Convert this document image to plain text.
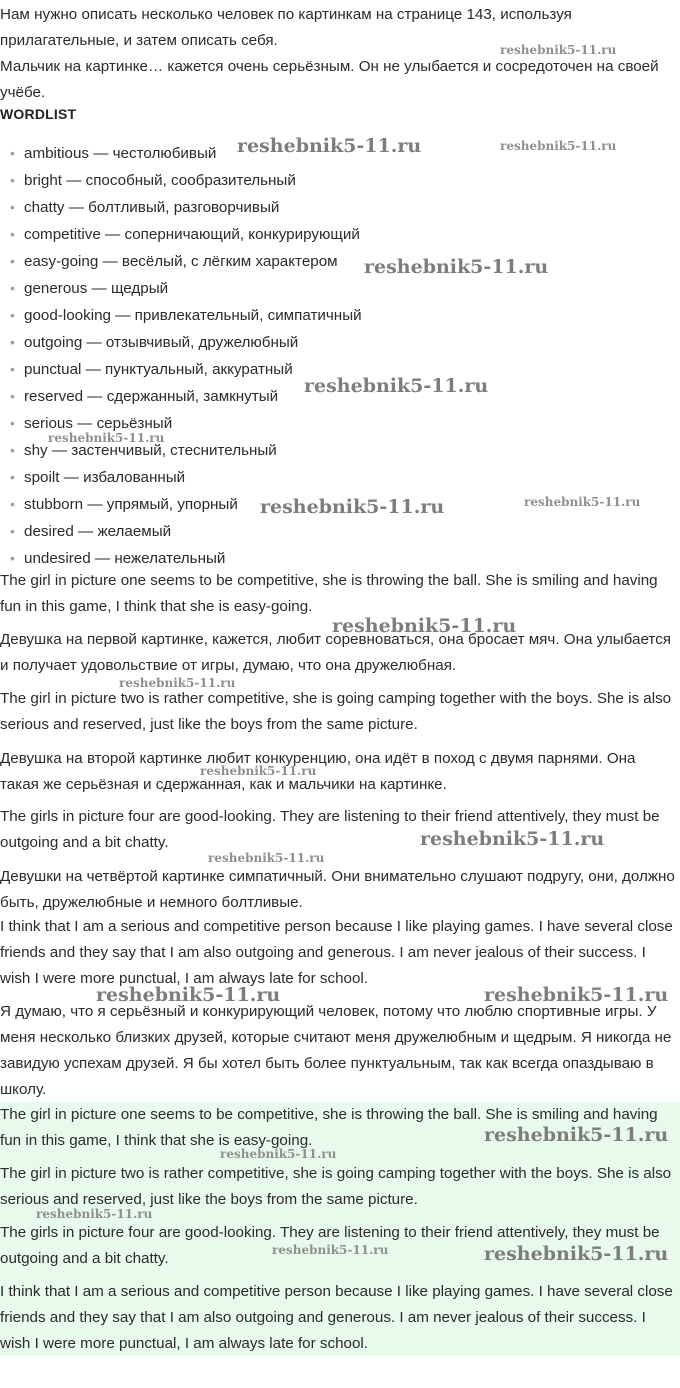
Нам нужно описать несколько человек по картинкам на странице 143, используя прилагательные, и затем описать себя.

Мальчик на картинке… кажется очень серьёзным. Он не улыбается и сосредоточен на своей учёбе.

WORDLIST
• ambitious — честолюбивый
• bright — способный, сообразительный
• chatty — болтливый, разговорчивый
• competitive — соперничающий, конкурирующий
• easy-going — весёлый, с лёгким характером
• generous — щедрый
• good-looking — привлекательный, симпатичный
• outgoing — отзывчивый, дружелюбный
• punctual — пунктуальный, аккуратный
• reserved — сдержанный, замкнутый
• serious — серьёзный
• shy — застенчивый, стеснительный
• spoilt — избалованный
• stubborn — упрямый, упорный
• desired — желаемый
• undesired — нежелательный

The girl in picture one seems to be competitive, she is throwing the ball. She is smiling and having fun in this game, I think that she is easy-going.

Девушка на первой картинке, кажется, любит соревноваться, она бросает мяч. Она улыбается и получает удовольствие от игры, думаю, что она дружелюбная.

The girl in picture two is rather competitive, she is going camping together with the boys. She is also serious and reserved, just like the boys from the same picture.

Девушка на второй картинке любит конкуренцию, она идёт в поход с двумя парнями. Она такая же серьёзная и сдержанная, как и мальчики на картинке.

The girls in picture four are good-looking. They are listening to their friend attentively, they must be outgoing and a bit chatty.

Девушки на четвёртой картинке симпатичный. Они внимательно слушают подругу, они, должно быть, дружелюбные и немного болтливые.

I think that I am a serious and competitive person because I like playing games. I have several close friends and they say that I am also outgoing and generous. I am never jealous of their success. I wish I were more punctual, I am always late for school.

Я думаю, что я серьёзный и конкурирующий человек, потому что люблю спортивные игры. У меня несколько близких друзей, которые считают меня дружелюбным и щедрым. Я никогда не завидую успехам друзей. Я бы хотел быть более пунктуальным, так как всегда опаздываю в школу.

The girl in picture one seems to be competitive, she is throwing the ball. She is smiling and having fun in this game, I think that she is easy-going.

The girl in picture two is rather competitive, she is going camping together with the boys. She is also serious and reserved, just like the boys from the same picture.

The girls in picture four are good-looking. They are listening to their friend attentively, they must be outgoing and a bit chatty.

I think that I am a serious and competitive person because I like playing games. I have several close friends and they say that I am also outgoing and generous. I am never jealous of their success. I wish I were more punctual, I am always late for school.

reshebnik5-11.ru
reshebnik5-11.ru	reshebnik5-11.ru
reshebnik5-11.ru
reshebnik5-11.ru
reshebnik5-11.ru
reshebnik5-11.ru	reshebnik5-11.ru
reshebnik5-11.ru
reshebnik5-11.ru
reshebnik5-11.ru
reshebnik5-11.ru
reshebnik5-11.ru
reshebnik5-11.ru	reshebnik5-11.ru
reshebnik5-11.ru
reshebnik5-11.ru
reshebnik5-11.ru
reshebnik5-11.ru	reshebnik5-11.ru
